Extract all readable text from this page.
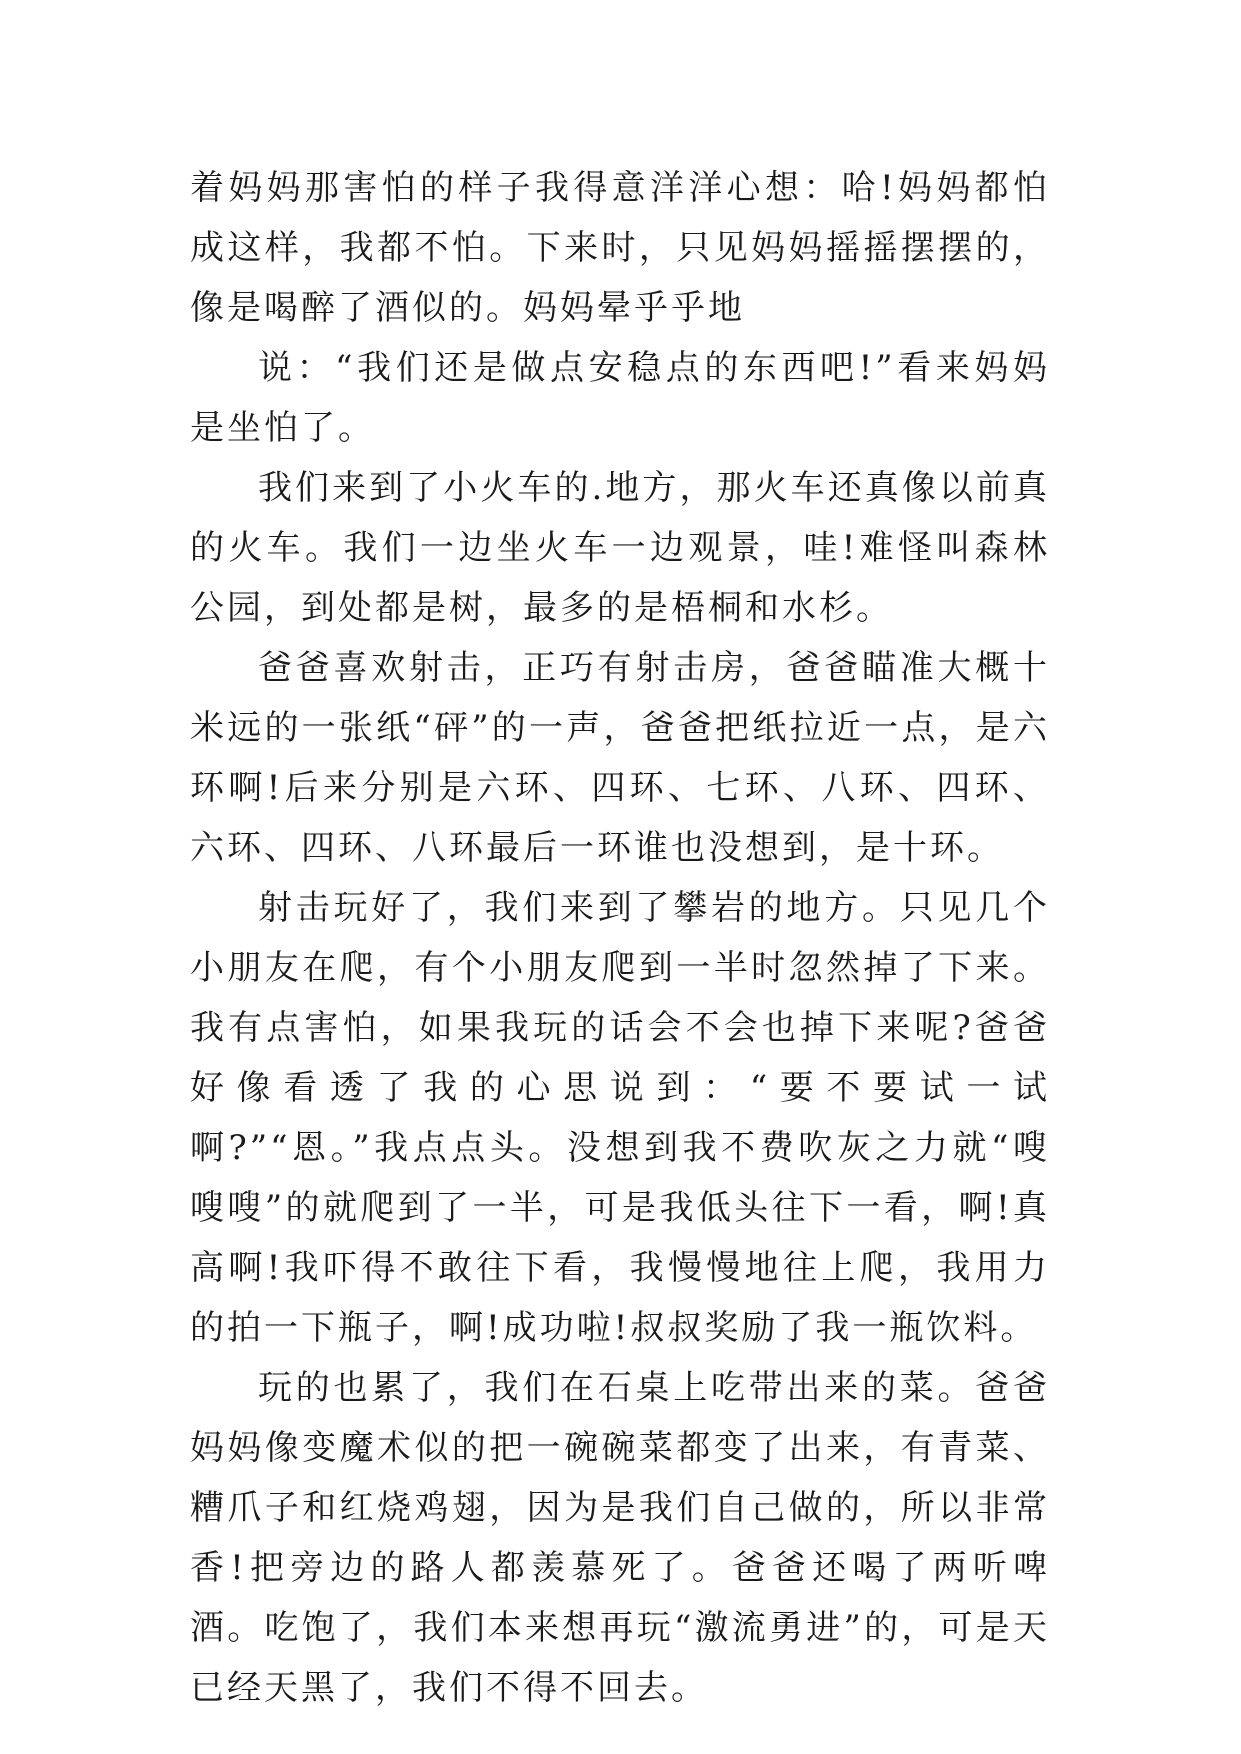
着妈妈那害怕的样子我得意洋洋心想：哈!妈妈都怕成这样，我都不怕。下来时，只见妈妈摇摇摆摆的，像是喝醉了酒似的。妈妈晕乎乎地

说：“我们还是做点安稳点的东西吧!”看来妈妈是坐怕了。

我们来到了小火车的.地方，那火车还真像以前真的火车。我们一边坐火车一边观景，哇!难怪叫森林公园，到处都是树，最多的是梧桐和水杉。

爸爸喜欢射击，正巧有射击房，爸爸瞄准大概十米远的一张纸“砰”的一声，爸爸把纸拉近一点，是六环啊!后来分别是六环、四环、七环、八环、四环、六环、四环、八环最后一环谁也没想到，是十环。

射击玩好了，我们来到了攀岩的地方。只见几个小朋友在爬，有个小朋友爬到一半时忽然掉了下来。我有点害怕，如果我玩的话会不会也掉下来呢?爸爸好像看透了我的心思说到：“要不要试一试啊?”“恩。”我点点头。没想到我不费吹灰之力就“嗖嗖嗖”的就爬到了一半，可是我低头往下一看，啊!真高啊!我吓得不敢往下看，我慢慢地往上爬，我用力的拍一下瓶子，啊!成功啦!叔叔奖励了我一瓶饮料。

玩的也累了，我们在石桌上吃带出来的菜。爸爸妈妈像变魔术似的把一碗碗菜都变了出来，有青菜、糟爪子和红烧鸡翅，因为是我们自己做的，所以非常香!把旁边的路人都羡慕死了。爸爸还喝了两听啤酒。吃饱了，我们本来想再玩“激流勇进”的，可是天已经天黑了，我们不得不回去。
